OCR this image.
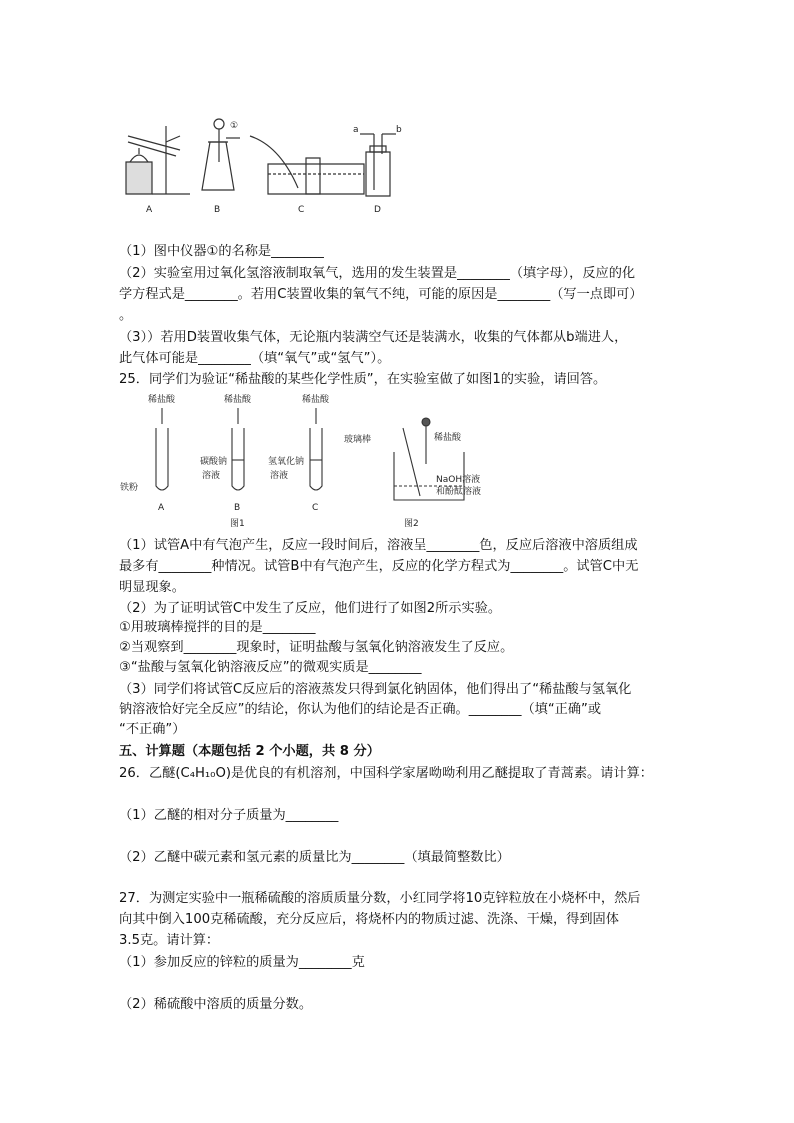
①	a	b
A	B	C	D
（1）图中仪器①的名称是________
（2）实验室用过氧化氢溶液制取氧气，选用的发生装置是________（填字母），反应的化
学方程式是________。若用C装置收集的氧气不纯，可能的原因是________（写一点即可）
。
（3））若用D装置收集气体，无论瓶内装满空气还是装满水，收集的气体都从b端进人，
此气体可能是________（填“氧气”或“氢气”）。
25．同学们为验证“稀盐酸的某些化学性质”，在实验室做了如图1的实验，请回答。
稀盐酸	稀盐酸	稀盐酸
铁粉
碳酸钠
溶液
氢氧化钠
溶液
A	B	C
图1	图2
玻璃棒	稀盐酸
NaOH溶液
和酚酞溶液
（1）试管A中有气泡产生，反应一段时间后，溶液呈________色，反应后溶液中溶质组成
最多有________种情况。试管B中有气泡产生，反应的化学方程式为________。试管C中无
明显现象。
（2）为了证明试管C中发生了反应，他们进行了如图2所示实验。
①用玻璃棒搅拌的目的是________
②当观察到________现象时，证明盐酸与氢氧化钠溶液发生了反应。
③“盐酸与氢氧化钠溶液反应”的微观实质是________
（3）同学们将试管C反应后的溶液蒸发只得到氯化钠固体，他们得出了“稀盐酸与氢氧化
钠溶液恰好完全反应”的结论，你认为他们的结论是否正确。________（填“正确”或
“不正确”）
五、计算题（本题包括 2 个小题，共 8 分）
26．乙醚(C₄H₁₀O)是优良的有机溶剂，中国科学家屠呦呦利用乙醚提取了青蒿素。请计算：
（1）乙醚的相对分子质量为________
（2）乙醚中碳元素和氢元素的质量比为________（填最简整数比）
27．为测定实验中一瓶稀硫酸的溶质质量分数，小红同学将10克锌粒放在小烧杯中，然后
向其中倒入100克稀硫酸，充分反应后，将烧杯内的物质过滤、洗涤、干燥，得到固体
3.5克。请计算：
（1）参加反应的锌粒的质量为________克
（2）稀硫酸中溶质的质量分数。
